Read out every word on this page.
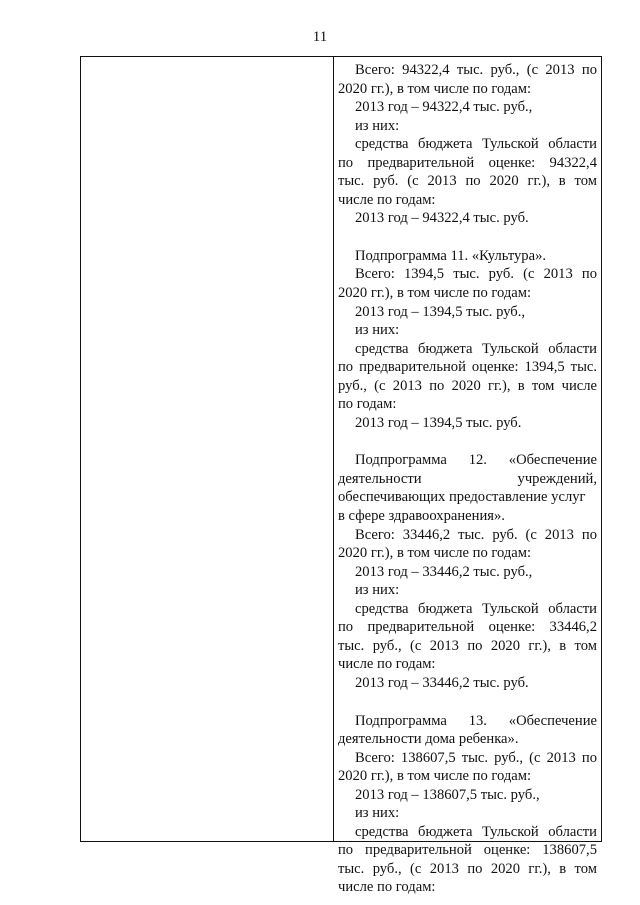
11
Всего: 94322,4 тыс. руб., (с 2013 по
2020 гг.), в том числе по годам:
2013 год – 94322,4 тыс. руб.,
из них:
средства бюджета Тульской области
по предварительной оценке: 94322,4
тыс. руб. (с 2013 по 2020 гг.), в том
числе по годам:
2013 год – 94322,4 тыс. руб.
Подпрограмма 11. «Культура».
Всего: 1394,5 тыс. руб. (с 2013 по
2020 гг.), в том числе по годам:
2013 год – 1394,5 тыс. руб.,
из них:
средства бюджета Тульской области
по предварительной оценке: 1394,5 тыс.
руб., (с 2013 по 2020 гг.), в том числе
по годам:
2013 год – 1394,5 тыс. руб.
Подпрограмма 12. «Обеспечение
деятельности учреждений,
обеспечивающих предоставление услуг
в сфере здравоохранения».
Всего: 33446,2 тыс. руб. (с 2013 по
2020 гг.), в том числе по годам:
2013 год – 33446,2 тыс. руб.,
из них:
средства бюджета Тульской области
по предварительной оценке: 33446,2
тыс. руб., (с 2013 по 2020 гг.), в том
числе по годам:
2013 год – 33446,2 тыс. руб.
Подпрограмма 13. «Обеспечение
деятельности дома ребенка».
Всего: 138607,5 тыс. руб., (с 2013 по
2020 гг.), в том числе по годам:
2013 год – 138607,5 тыс. руб.,
из них:
средства бюджета Тульской области
по предварительной оценке: 138607,5
тыс. руб., (с 2013 по 2020 гг.), в том
числе по годам:
